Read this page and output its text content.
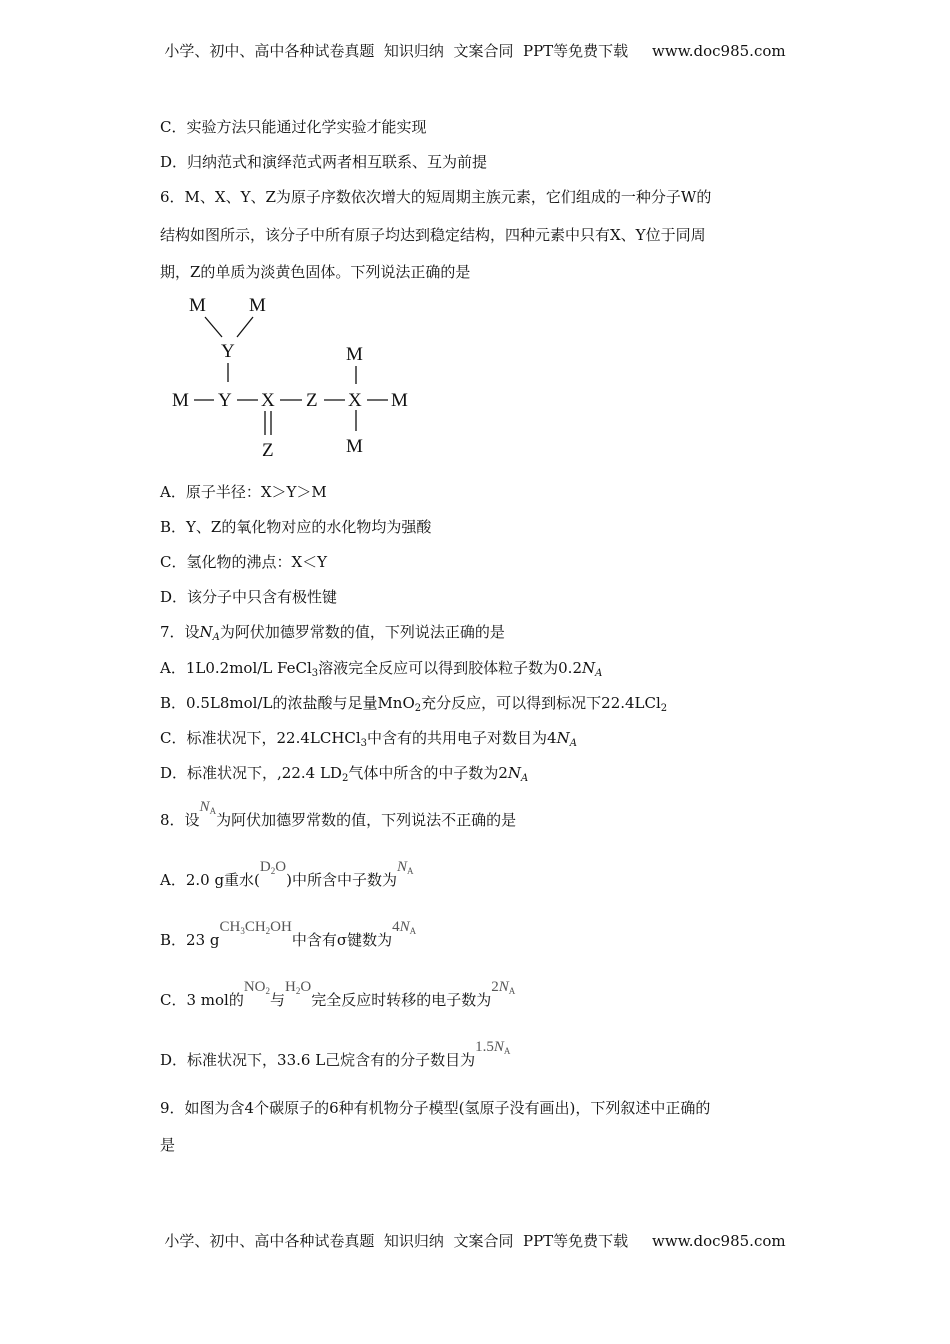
小学、初中、高中各种试卷真题  知识归纳  文案合同  PPT等免费下载     www.doc985.com
C．实验方法只能通过化学实验才能实现
D．归纳范式和演绎范式两者相互联系、互为前提
6．M、X、Y、Z为原子序数依次增大的短周期主族元素，它们组成的一种分子W的
结构如图所示，该分子中所有原子均达到稳定结构，四种元素中只有X、Y位于同周
期，Z的单质为淡黄色固体。下列说法正确的是
M M
Y
M Y X Z X M
M
M
Z
A．原子半径：X＞Y＞M
B．Y、Z的氧化物对应的水化物均为强酸
C．氢化物的沸点：X＜Y
D．该分子中只含有极性键
7．设$N_A$为阿伏加德罗常数的值，下列说法正确的是
A．1L0.2mol/L FeCl$_3$溶液完全反应可以得到胶体粒子数为$0.2N_A$
B．0.5L8mol/L的浓盐酸与足量MnO$_2$充分反应，可以得到标况下22.4LCl$_2$
C．标准状况下，22.4LCHCl$_3$中含有的共用电子对数目为$4N_A$
D．标准状况下，,22.4 $LD_2$气体中所含的中子数为$2N_A$
8．设$N_A$为阿伏加德罗常数的值，下列说法不正确的是
A．2.0 g重水$(D_2O)$中所含中子数为$N_A$
B．23 $gCH_3CH_2OH$中含有σ键数为$4N_A$
C．3 mol的$NO_2$与$H_2O$完全反应时转移的电子数为$2N_A$
D．标准状况下，33.6 L己烷含有的分子数目为$1.5N_A$
9．如图为含4个碳原子的6种有机物分子模型(氢原子没有画出)，下列叙述中正确的
是
小学、初中、高中各种试卷真题  知识归纳  文案合同  PPT等免费下载     www.doc985.com
